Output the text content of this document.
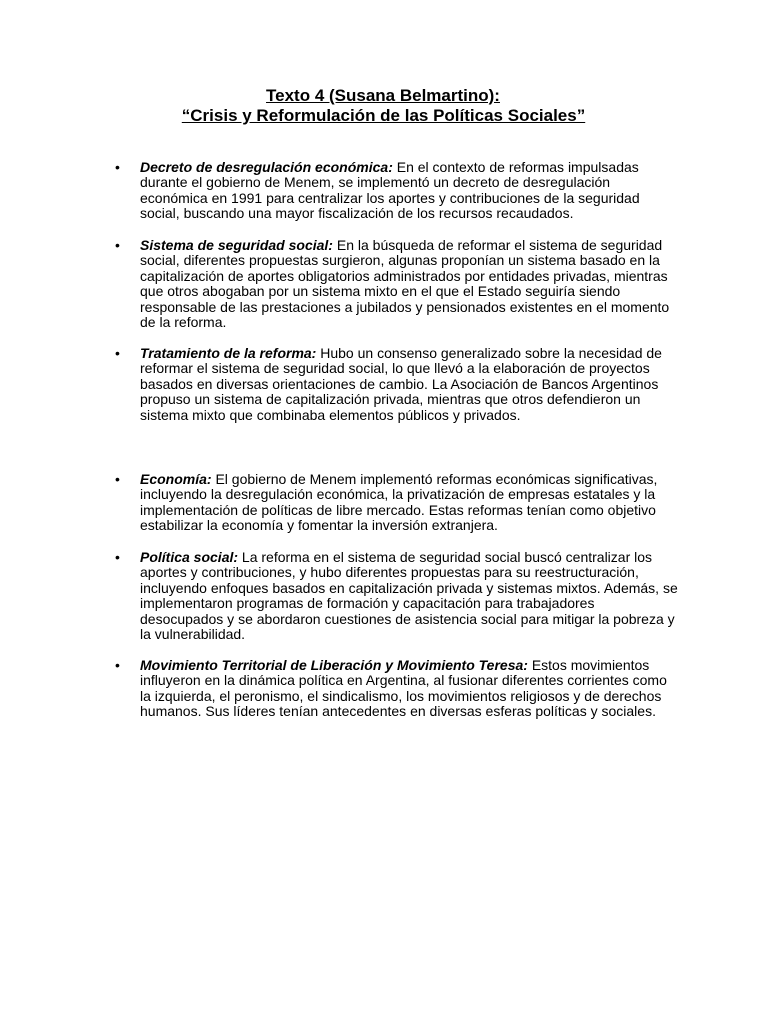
Texto 4 (Susana Belmartino):

“Crisis y Reformulación de las Políticas Sociales”

• Decreto de desregulación económica: En el contexto de reformas impulsadas durante el gobierno de Menem, se implementó un decreto de desregulación económica en 1991 para centralizar los aportes y contribuciones de la seguridad social, buscando una mayor fiscalización de los recursos recaudados.
• Sistema de seguridad social: En la búsqueda de reformar el sistema de seguridad social, diferentes propuestas surgieron, algunas proponían un sistema basado en la capitalización de aportes obligatorios administrados por entidades privadas, mientras que otros abogaban por un sistema mixto en el que el Estado seguiría siendo responsable de las prestaciones a jubilados y pensionados existentes en el momento de la reforma.
• Tratamiento de la reforma: Hubo un consenso generalizado sobre la necesidad de reformar el sistema de seguridad social, lo que llevó a la elaboración de proyectos basados en diversas orientaciones de cambio. La Asociación de Bancos Argentinos propuso un sistema de capitalización privada, mientras que otros defendieron un sistema mixto que combinaba elementos públicos y privados.
• Economía: El gobierno de Menem implementó reformas económicas significativas, incluyendo la desregulación económica, la privatización de empresas estatales y la implementación de políticas de libre mercado. Estas reformas tenían como objetivo estabilizar la economía y fomentar la inversión extranjera.
• Política social: La reforma en el sistema de seguridad social buscó centralizar los aportes y contribuciones, y hubo diferentes propuestas para su reestructuración, incluyendo enfoques basados en capitalización privada y sistemas mixtos. Además, se implementaron programas de formación y capacitación para trabajadores desocupados y se abordaron cuestiones de asistencia social para mitigar la pobreza y la vulnerabilidad.
• Movimiento Territorial de Liberación y Movimiento Teresa: Estos movimientos influyeron en la dinámica política en Argentina, al fusionar diferentes corrientes como la izquierda, el peronismo, el sindicalismo, los movimientos religiosos y de derechos humanos. Sus líderes tenían antecedentes en diversas esferas políticas y sociales.
